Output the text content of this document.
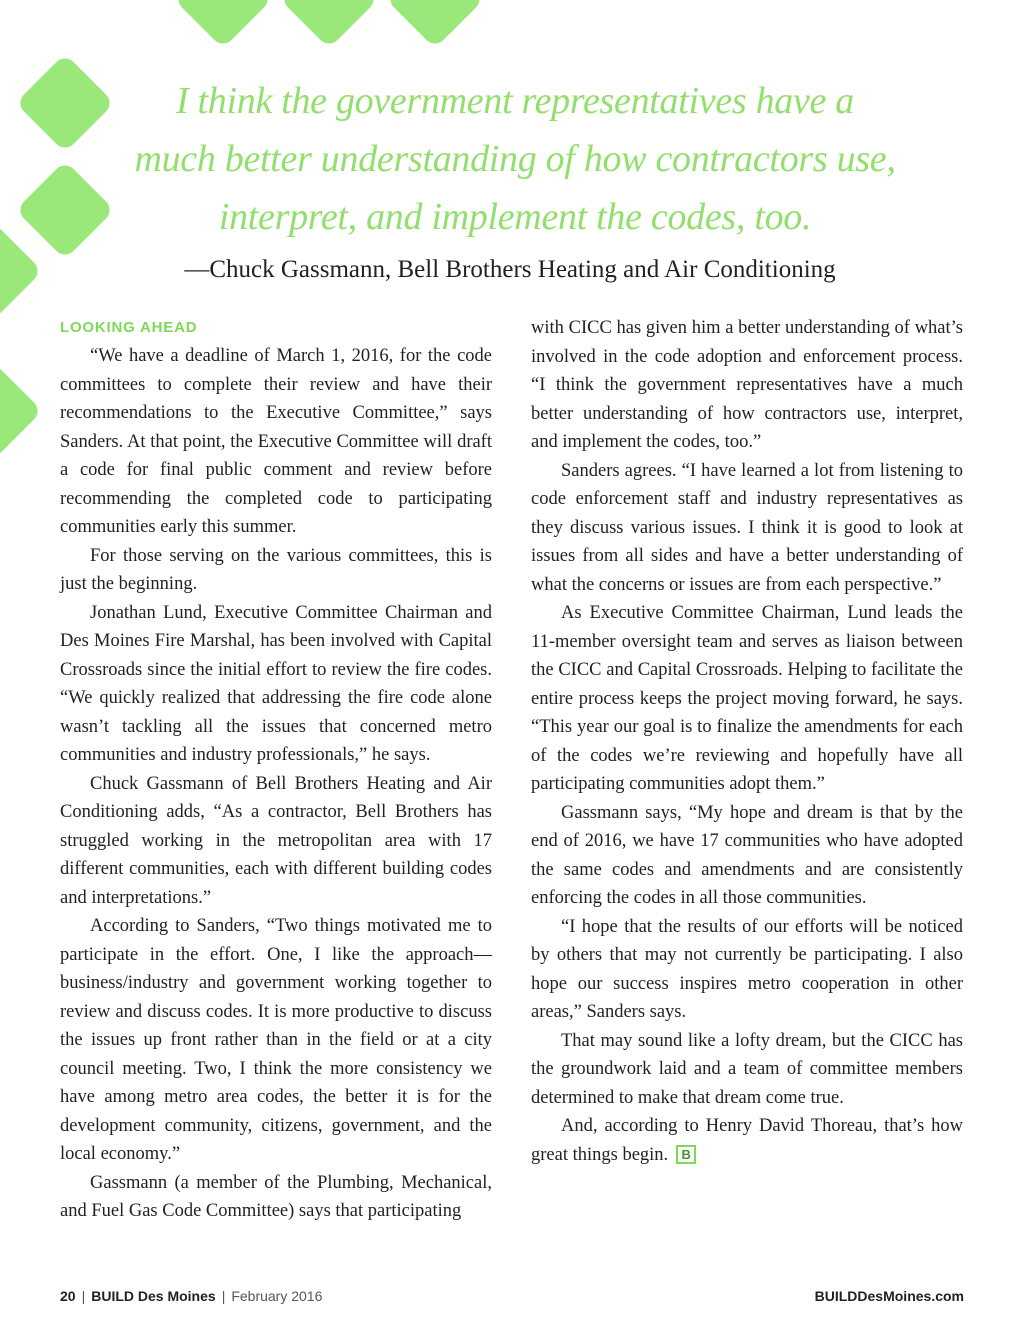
I think the government representatives have a
much better understanding of how contractors use,
interpret, and implement the codes, too.
—Chuck Gassmann, Bell Brothers Heating and Air Conditioning
LOOKING AHEAD

“We have a deadline of March 1, 2016, for the code committees to complete their review and have their recommendations to the Executive Committee,” says Sanders. At that point, the Executive Committee will draft a code for final public comment and review before recommending the completed code to participating communities early this summer.

For those serving on the various committees, this is just the beginning.

Jonathan Lund, Executive Committee Chairman and Des Moines Fire Marshal, has been involved with Capital Crossroads since the initial effort to review the fire codes. “We quickly realized that addressing the fire code alone wasn’t tackling all the issues that concerned metro communities and industry professionals,” he says.

Chuck Gassmann of Bell Brothers Heating and Air Conditioning adds, “As a contractor, Bell Brothers has struggled working in the metropolitan area with 17 different communities, each with different building codes and interpretations.”

According to Sanders, “Two things motivated me to participate in the effort. One, I like the approach—business/industry and government working together to review and discuss codes. It is more productive to discuss the issues up front rather than in the field or at a city council meeting. Two, I think the more consistency we have among metro area codes, the better it is for the development community, citizens, government, and the local economy.”

Gassmann (a member of the Plumbing, Mechanical, and Fuel Gas Code Committee) says that participating

with CICC has given him a better understanding of what’s involved in the code adoption and enforcement process. “I think the government representatives have a much better understanding of how contractors use, interpret, and implement the codes, too.”

Sanders agrees. “I have learned a lot from listening to code enforcement staff and industry representatives as they discuss various issues. I think it is good to look at issues from all sides and have a better understanding of what the concerns or issues are from each perspective.”

As Executive Committee Chairman, Lund leads the 11-member oversight team and serves as liaison between the CICC and Capital Crossroads. Helping to facilitate the entire process keeps the project moving forward, he says. “This year our goal is to finalize the amendments for each of the codes we’re reviewing and hopefully have all participating communities adopt them.”

Gassmann says, “My hope and dream is that by the end of 2016, we have 17 communities who have adopted the same codes and amendments and are consistently enforcing the codes in all those communities.

“I hope that the results of our efforts will be noticed by others that may not currently be participating. I also hope our success inspires metro cooperation in other areas,” Sanders says.

That may sound like a lofty dream, but the CICC has the groundwork laid and a team of committee members determined to make that dream come true.

And, according to Henry David Thoreau, that’s how great things begin. B

20 | BUILD Des Moines | February 2016	BUILDDesMoines.com
